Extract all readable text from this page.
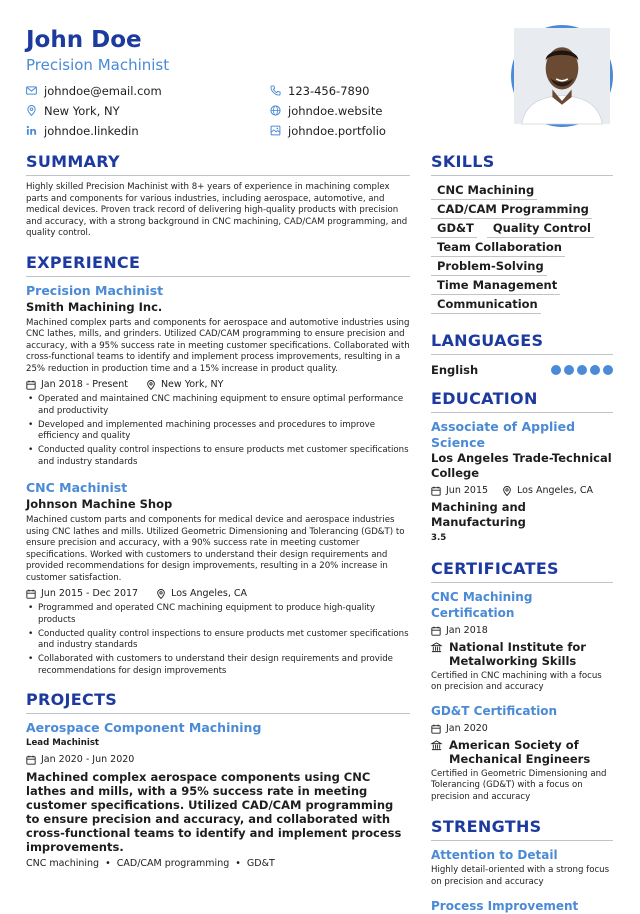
John Doe
Precision Machinist
johndoe@email.com	123-456-7890
New York, NY	johndoe.website
johndoe.linkedin	johndoe.portfolio
SUMMARY
Highly skilled Precision Machinist with 8+ years of experience in machining complex parts and components for various industries, including aerospace, automotive, and medical devices. Proven track record of delivering high-quality products with precision and accuracy, with a strong background in CNC machining, CAD/CAM programming, and quality control.
EXPERIENCE
Precision Machinist
Smith Machining Inc.
Machined complex parts and components for aerospace and automotive industries using CNC lathes, mills, and grinders. Utilized CAD/CAM programming to ensure precision and accuracy, with a 95% success rate in meeting customer specifications. Collaborated with cross-functional teams to identify and implement process improvements, resulting in a 25% reduction in production time and a 15% increase in product quality.
Jan 2018 - Present	New York, NY
• Operated and maintained CNC machining equipment to ensure optimal performance and productivity
• Developed and implemented machining processes and procedures to improve efficiency and quality
• Conducted quality control inspections to ensure products met customer specifications and industry standards
CNC Machinist
Johnson Machine Shop
Machined custom parts and components for medical device and aerospace industries using CNC lathes and mills. Utilized Geometric Dimensioning and Tolerancing (GD&T) to ensure precision and accuracy, with a 90% success rate in meeting customer specifications. Worked with customers to understand their design requirements and provided recommendations for design improvements, resulting in a 20% increase in customer satisfaction.
Jun 2015 - Dec 2017	Los Angeles, CA
• Programmed and operated CNC machining equipment to produce high-quality products
• Conducted quality control inspections to ensure products met customer specifications and industry standards
• Collaborated with customers to understand their design requirements and provide recommendations for design improvements
PROJECTS
Aerospace Component Machining
Lead Machinist
Jan 2020 - Jun 2020
Machined complex aerospace components using CNC lathes and mills, with a 95% success rate in meeting customer specifications. Utilized CAD/CAM programming to ensure precision and accuracy, and collaborated with cross-functional teams to identify and implement process improvements.
CNC machining  •  CAD/CAM programming  •  GD&T
SKILLS
CNC Machining
CAD/CAM Programming
GD&T	Quality Control
Team Collaboration
Problem-Solving
Time Management
Communication
LANGUAGES
English
EDUCATION
Associate of Applied Science
Los Angeles Trade-Technical College
Jun 2015	Los Angeles, CA
Machining and Manufacturing
3.5
CERTIFICATES
CNC Machining Certification
Jan 2018
National Institute for Metalworking Skills
Certified in CNC machining with a focus on precision and accuracy
GD&T Certification
Jan 2020
American Society of Mechanical Engineers
Certified in Geometric Dimensioning and Tolerancing (GD&T) with a focus on precision and accuracy
STRENGTHS
Attention to Detail
Highly detail-oriented with a strong focus on precision and accuracy
Process Improvement
